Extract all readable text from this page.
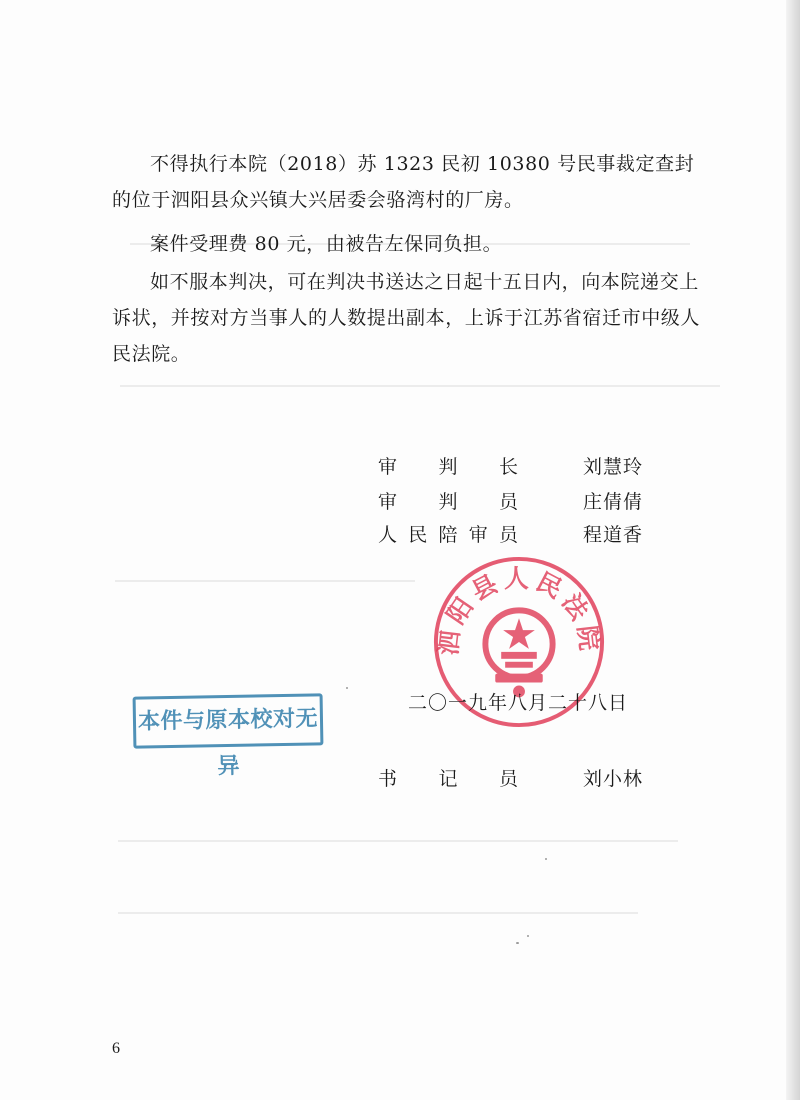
不得执行本院（2018）苏 1323 民初 10380 号民事裁定查封的位于泗阳县众兴镇大兴居委会骆湾村的厂房。

案件受理费 80 元，由被告左保同负担。

如不服本判决，可在判决书送达之日起十五日内，向本院递交上诉状，并按对方当事人的人数提出副本，上诉于江苏省宿迁市中级人民法院。

审 判 长	刘慧玲
审 判 员	庄倩倩
人 民 陪 审 员	程道香
泗阳县人民法院
二〇一九年八月二十八日
本件与原本校对无异	书 记 员	刘小林
6
